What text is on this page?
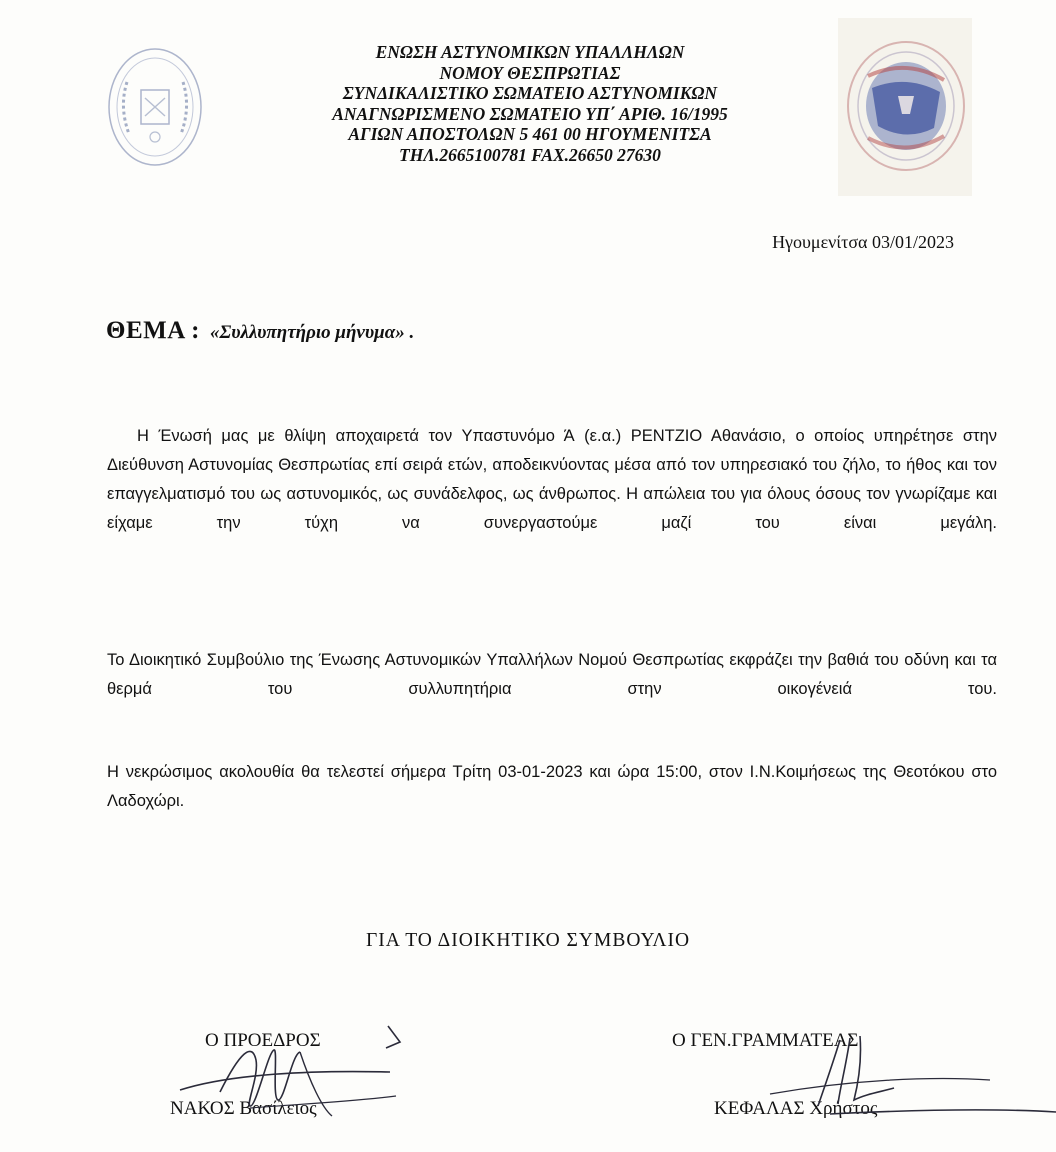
ΕΝΩΣΗ ΑΣΤΥΝΟΜΙΚΩΝ ΥΠΑΛΛΗΛΩΝ
ΝΟΜΟΥ ΘΕΣΠΡΩΤΙΑΣ
ΣΥΝΔΙΚΑΛΙΣΤΙΚΟ ΣΩΜΑΤΕΙΟ ΑΣΤΥΝΟΜΙΚΩΝ
ΑΝΑΓΝΩΡΙΣΜΕΝΟ ΣΩΜΑΤΕΙΟ ΥΠ΄ ΑΡΙΘ. 16/1995
ΑΓΙΩΝ ΑΠΟΣΤΟΛΩΝ 5 461 00 ΗΓΟΥΜΕΝΙΤΣΑ
ΤΗΛ.2665100781 FAX.26650 27630
Ηγουμενίτσα 03/01/2023
ΘΕΜΑ : «Συλλυπητήριο μήνυμα» .
Η Ένωσή μας με θλίψη αποχαιρετά τον Υπαστυνόμο Ά (ε.α.) ΡΕΝΤΖΙΟ Αθανάσιο, ο οποίος υπηρέτησε στην Διεύθυνση Αστυνομίας Θεσπρωτίας επί σειρά ετών, αποδεικνύοντας μέσα από τον υπηρεσιακό του ζήλο, το ήθος και τον επαγγελματισμό του ως αστυνομικός, ως συνάδελφος, ως άνθρωπος. Η απώλεια του για όλους όσους τον γνωρίζαμε και είχαμε την τύχη να συνεργαστούμε μαζί του είναι μεγάλη.
Το Διοικητικό Συμβούλιο της Ένωσης Αστυνομικών Υπαλλήλων Νομού Θεσπρωτίας εκφράζει την βαθιά του οδύνη και τα θερμά του συλλυπητήρια στην οικογένειά του.
Η νεκρώσιμος ακολουθία θα τελεστεί σήμερα Τρίτη 03-01-2023 και ώρα 15:00, στον Ι.Ν.Κοιμήσεως της Θεοτόκου στο Λαδοχώρι.
ΓΙΑ ΤΟ ΔΙΟΙΚΗΤΙΚΟ ΣΥΜΒΟΥΛΙΟ
Ο ΠΡΟΕΔΡΟΣ
ΝΑΚΟΣ Βασίλειος
Ο ΓΕΝ.ΓΡΑΜΜΑΤΕΑΣ
ΚΕΦΑΛΑΣ Χρήστος
